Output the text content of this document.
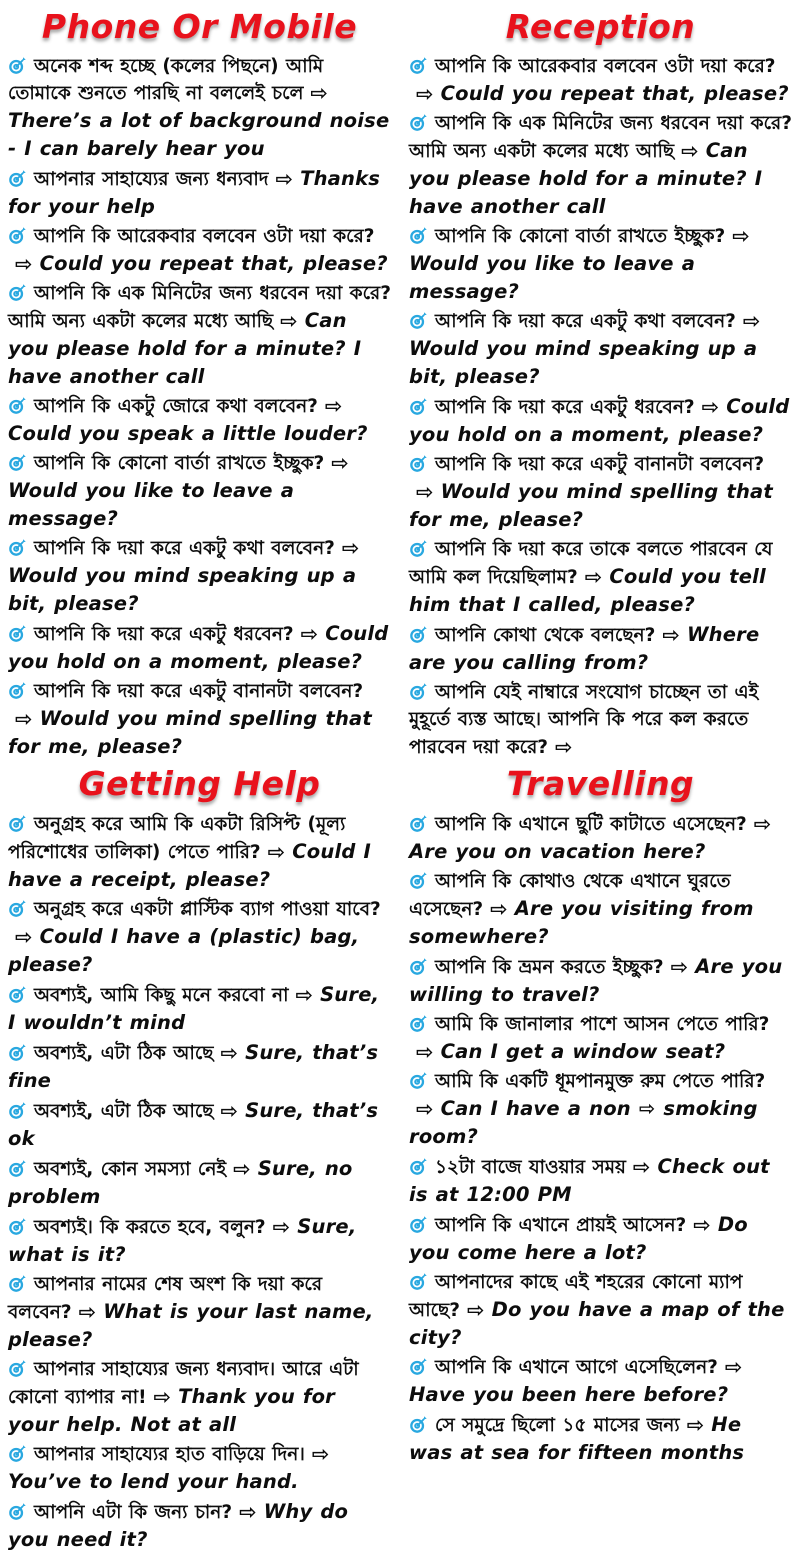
Phone Or Mobile

অনেক শব্দ হচ্ছে (কলের পিছনে) আমি তোমাকে শুনতে পারছি না বললেই চলে ⇨There’s a lot of background noise - I can barely hear you

আপনার সাহায্যের জন্য ধন্যবাদ ⇨ Thanks for your help

আপনি কি আরেকবার বলবেন ওটা দয়া করে?⇨ Could you repeat that, please?

আপনি কি এক মিনিটের জন্য ধরবেন দয়া করে? আমি অন্য একটা কলের মধ্যে আছি ⇨ Can you please hold for a minute? I have another call

আপনি কি একটু জোরে কথা বলবেন? ⇨Could you speak a little louder?

আপনি কি কোনো বার্তা রাখতে ইচ্ছুক? ⇨Would you like to leave a message?

আপনি কি দয়া করে একটু কথা বলবেন? ⇨Would you mind speaking up a bit, please?

আপনি কি দয়া করে একটু ধরবেন? ⇨ Could you hold on a moment, please?

আপনি কি দয়া করে একটু বানানটা বলবেন?⇨ Would you mind spelling that for me, please?

Getting Help

অনুগ্রহ করে আমি কি একটা রিসিপ্ট (মূল্য পরিশোধের তালিকা) পেতে পারি? ⇨ Could I have a receipt, please?

অনুগ্রহ করে একটা প্লাস্টিক ব্যাগ পাওয়া যাবে?⇨ Could I have a (plastic) bag, please?

অবশ্যই, আমি কিছু মনে করবো না ⇨ Sure, I wouldn’t mind

অবশ্যই, এটা ঠিক আছে ⇨ Sure, that’s fine

অবশ্যই, এটা ঠিক আছে ⇨ Sure, that’s ok

অবশ্যই, কোন সমস্যা নেই ⇨ Sure, no problem

অবশ্যই। কি করতে হবে, বলুন? ⇨ Sure, what is it?

আপনার নামের শেষ অংশ কি দয়া করে বলবেন? ⇨ What is your last name, please?

আপনার সাহায্যের জন্য ধন্যবাদ। আরে এটা কোনো ব্যাপার না! ⇨ Thank you for your help. Not at all

আপনার সাহায্যের হাত বাড়িয়ে দিন। ⇨You’ve to lend your hand.

আপনি এটা কি জন্য চান? ⇨ Why do you need it?

Reception

আপনি কি আরেকবার বলবেন ওটা দয়া করে?⇨ Could you repeat that, please?

আপনি কি এক মিনিটের জন্য ধরবেন দয়া করে? আমি অন্য একটা কলের মধ্যে আছি ⇨ Can you please hold for a minute? I have another call

আপনি কি কোনো বার্তা রাখতে ইচ্ছুক? ⇨Would you like to leave a message?

আপনি কি দয়া করে একটু কথা বলবেন? ⇨Would you mind speaking up a bit, please?

আপনি কি দয়া করে একটু ধরবেন? ⇨ Could you hold on a moment, please?

আপনি কি দয়া করে একটু বানানটা বলবেন?⇨ Would you mind spelling that for me, please?

আপনি কি দয়া করে তাকে বলতে পারবেন যে আমি কল দিয়েছিলাম? ⇨ Could you tell him that I called, please?

আপনি কোথা থেকে বলছেন? ⇨ Where are you calling from?

আপনি যেই নাম্বারে সংযোগ চাচ্ছেন তা এই মুহূর্তে ব্যস্ত আছে। আপনি কি পরে কল করতে পারবেন দয়া করে? ⇨

Travelling

আপনি কি এখানে ছুটি কাটাতে এসেছেন? ⇨Are you on vacation here?

আপনি কি কোথাও থেকে এখানে ঘুরতে এসেছেন? ⇨ Are you visiting from somewhere?

আপনি কি ভ্রমন করতে ইচ্ছুক? ⇨ Are you willing to travel?

আমি কি জানালার পাশে আসন পেতে পারি?⇨ Can I get a window seat?

আমি কি একটি ধূমপানমুক্ত রুম পেতে পারি?⇨ Can I have a non ⇨ smoking room?

১২টা বাজে যাওয়ার সময় ⇨ Check out is at 12:00 PM

আপনি কি এখানে প্রায়ই আসেন? ⇨ Do you come here a lot?

আপনাদের কাছে এই শহরের কোনো ম্যাপ আছে? ⇨ Do you have a map of the city?

আপনি কি এখানে আগে এসেছিলেন? ⇨Have you been here before?

সে সমুদ্রে ছিলো ১৫ মাসের জন্য ⇨ He was at sea for fifteen months
